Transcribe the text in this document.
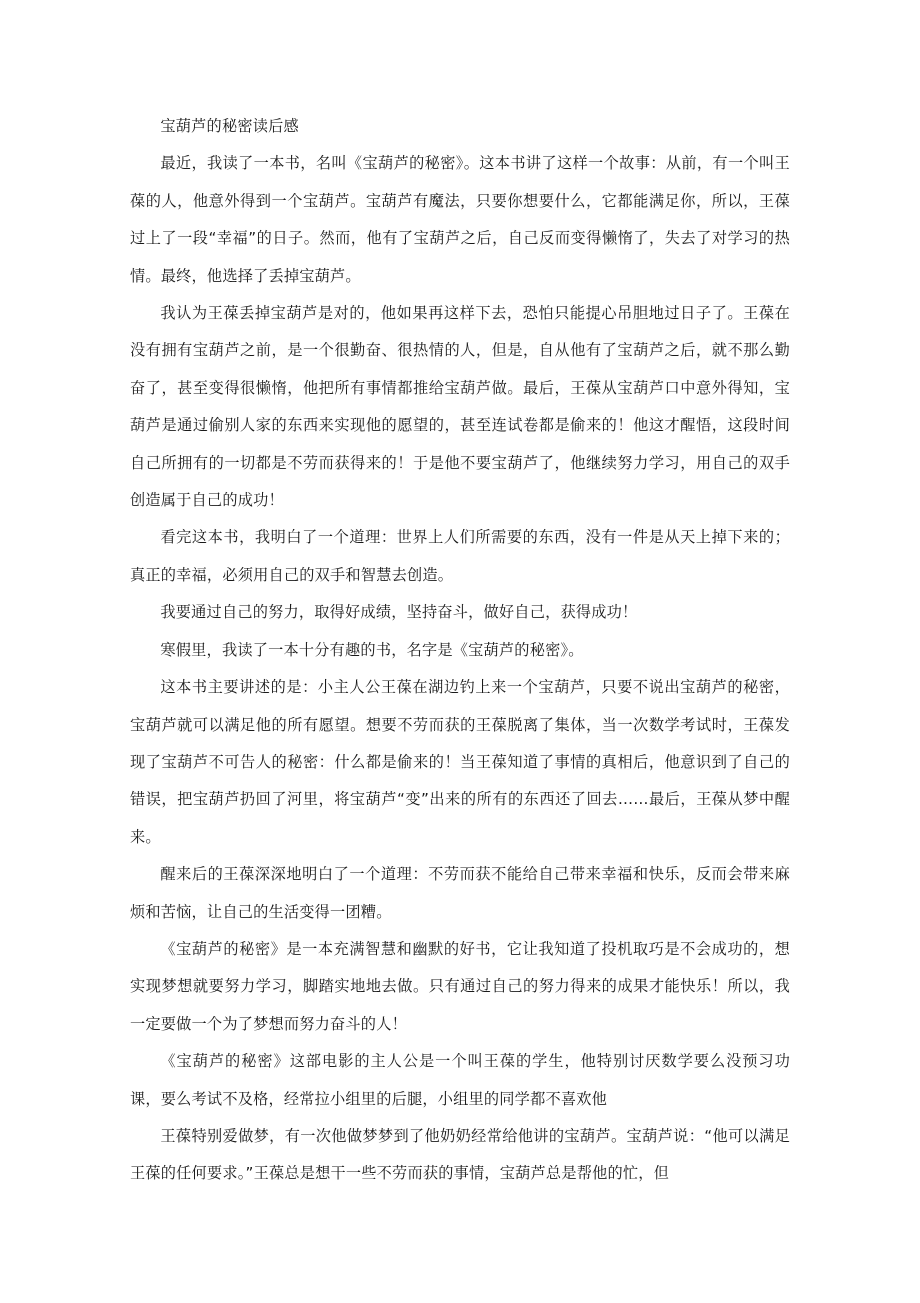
宝葫芦的秘密读后感

最近，我读了一本书，名叫《宝葫芦的秘密》。这本书讲了这样一个故事：从前，有一个叫王葆的人，他意外得到一个宝葫芦。宝葫芦有魔法，只要你想要什么，它都能满足你，所以，王葆过上了一段“幸福”的日子。然而，他有了宝葫芦之后，自己反而变得懒惰了，失去了对学习的热情。最终，他选择了丢掉宝葫芦。

我认为王葆丢掉宝葫芦是对的，他如果再这样下去，恐怕只能提心吊胆地过日子了。王葆在没有拥有宝葫芦之前，是一个很勤奋、很热情的人，但是，自从他有了宝葫芦之后，就不那么勤奋了，甚至变得很懒惰，他把所有事情都推给宝葫芦做。最后，王葆从宝葫芦口中意外得知，宝葫芦是通过偷别人家的东西来实现他的愿望的，甚至连试卷都是偷来的！他这才醒悟，这段时间自己所拥有的一切都是不劳而获得来的！于是他不要宝葫芦了，他继续努力学习，用自己的双手创造属于自己的成功！

看完这本书，我明白了一个道理：世界上人们所需要的东西，没有一件是从天上掉下来的；真正的幸福，必须用自己的双手和智慧去创造。

我要通过自己的努力，取得好成绩，坚持奋斗，做好自己，获得成功！

寒假里，我读了一本十分有趣的书，名字是《宝葫芦的秘密》。

这本书主要讲述的是：小主人公王葆在湖边钓上来一个宝葫芦，只要不说出宝葫芦的秘密，宝葫芦就可以满足他的所有愿望。想要不劳而获的王葆脱离了集体，当一次数学考试时，王葆发现了宝葫芦不可告人的秘密：什么都是偷来的！当王葆知道了事情的真相后，他意识到了自己的错误，把宝葫芦扔回了河里，将宝葫芦“变”出来的所有的东西还了回去……最后，王葆从梦中醒来。

醒来后的王葆深深地明白了一个道理：不劳而获不能给自己带来幸福和快乐，反而会带来麻烦和苦恼，让自己的生活变得一团糟。

《宝葫芦的秘密》是一本充满智慧和幽默的好书，它让我知道了投机取巧是不会成功的，想实现梦想就要努力学习，脚踏实地地去做。只有通过自己的努力得来的成果才能快乐！所以，我一定要做一个为了梦想而努力奋斗的人！

《宝葫芦的秘密》这部电影的主人公是一个叫王葆的学生，他特别讨厌数学要么没预习功课，要么考试不及格，经常拉小组里的后腿，小组里的同学都不喜欢他

王葆特别爱做梦，有一次他做梦梦到了他奶奶经常给他讲的宝葫芦。宝葫芦说：“他可以满足王葆的任何要求。”王葆总是想干一些不劳而获的事情，宝葫芦总是帮他的忙，但
